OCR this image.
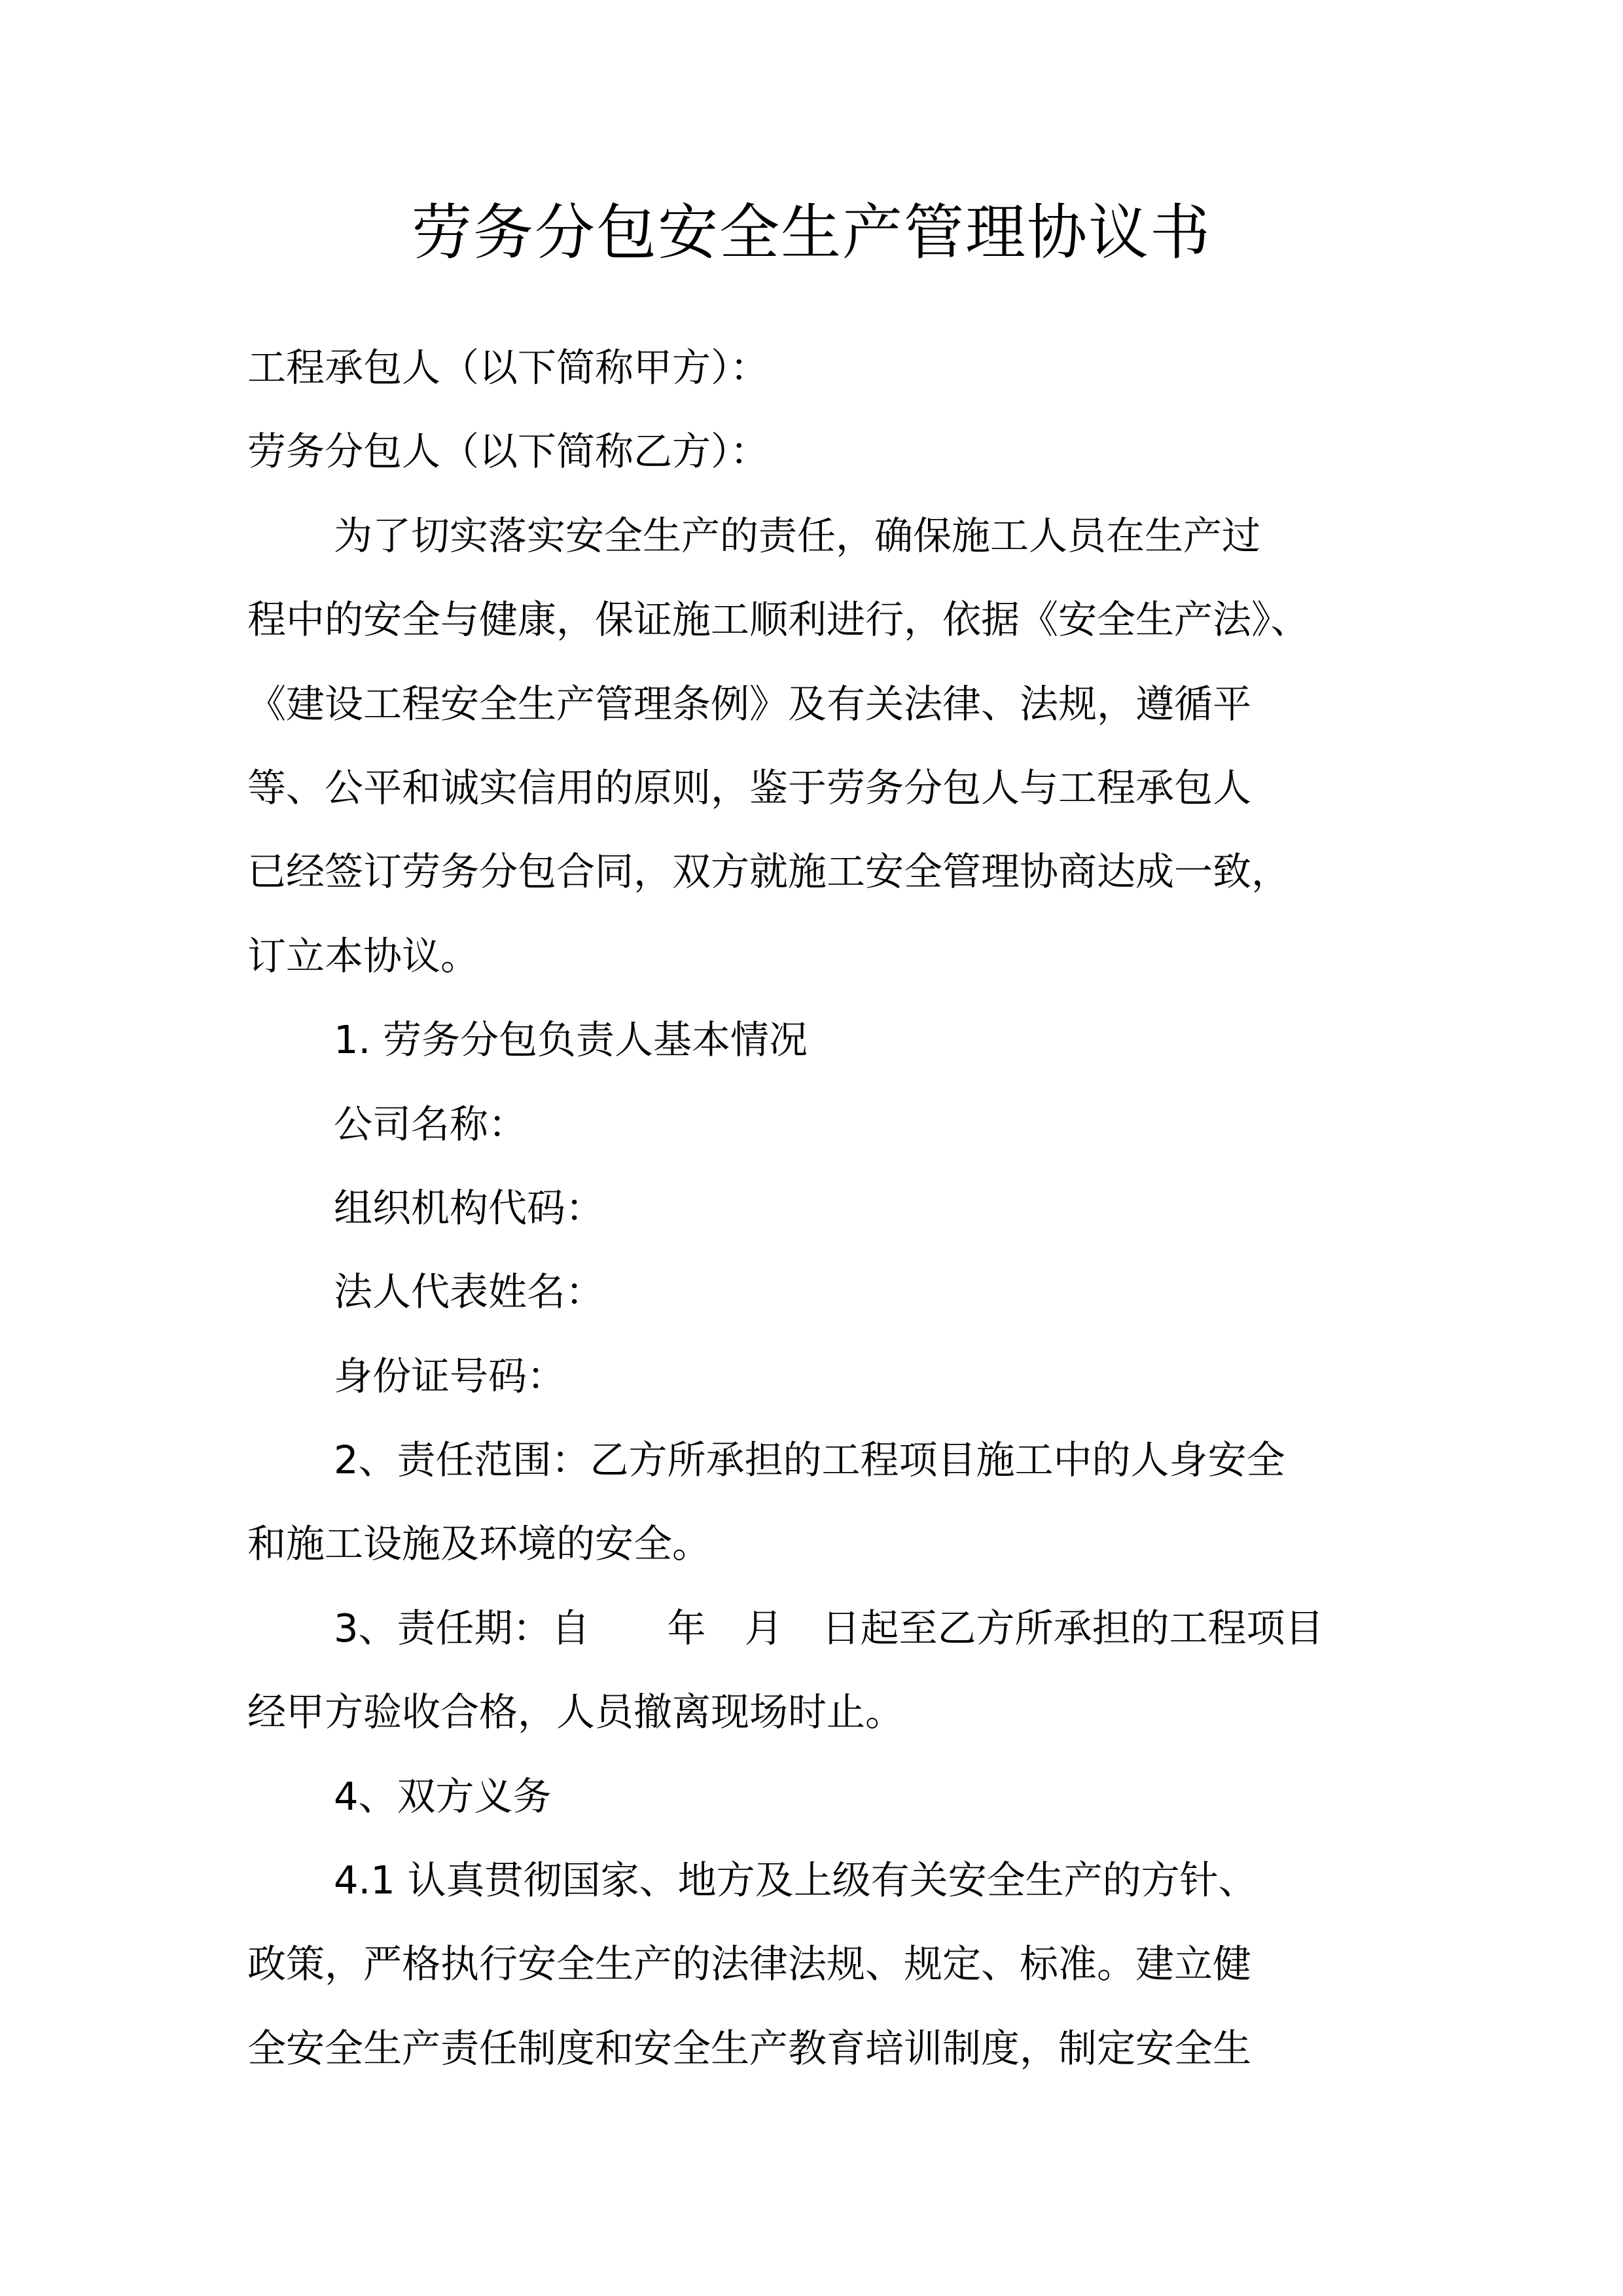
劳务分包安全生产管理协议书
工程承包人（以下简称甲方）：
劳务分包人（以下简称乙方）：
为了切实落实安全生产的责任，确保施工人员在生产过
程中的安全与健康，保证施工顺利进行，依据《安全生产法》、
《建设工程安全生产管理条例》及有关法律、法规，遵循平
等、公平和诚实信用的原则，鉴于劳务分包人与工程承包人
已经签订劳务分包合同，双方就施工安全管理协商达成一致，
订立本协议。
1. 劳务分包负责人基本情况
公司名称：
组织机构代码：
法人代表姓名：
身份证号码：
2、责任范围：乙方所承担的工程项目施工中的人身安全
和施工设施及环境的安全。
3、责任期：自　　年　月　日起至乙方所承担的工程项目
经甲方验收合格，人员撤离现场时止。
4、双方义务
4.1 认真贯彻国家、地方及上级有关安全生产的方针、
政策，严格执行安全生产的法律法规、规定、标准。建立健
全安全生产责任制度和安全生产教育培训制度，制定安全生
